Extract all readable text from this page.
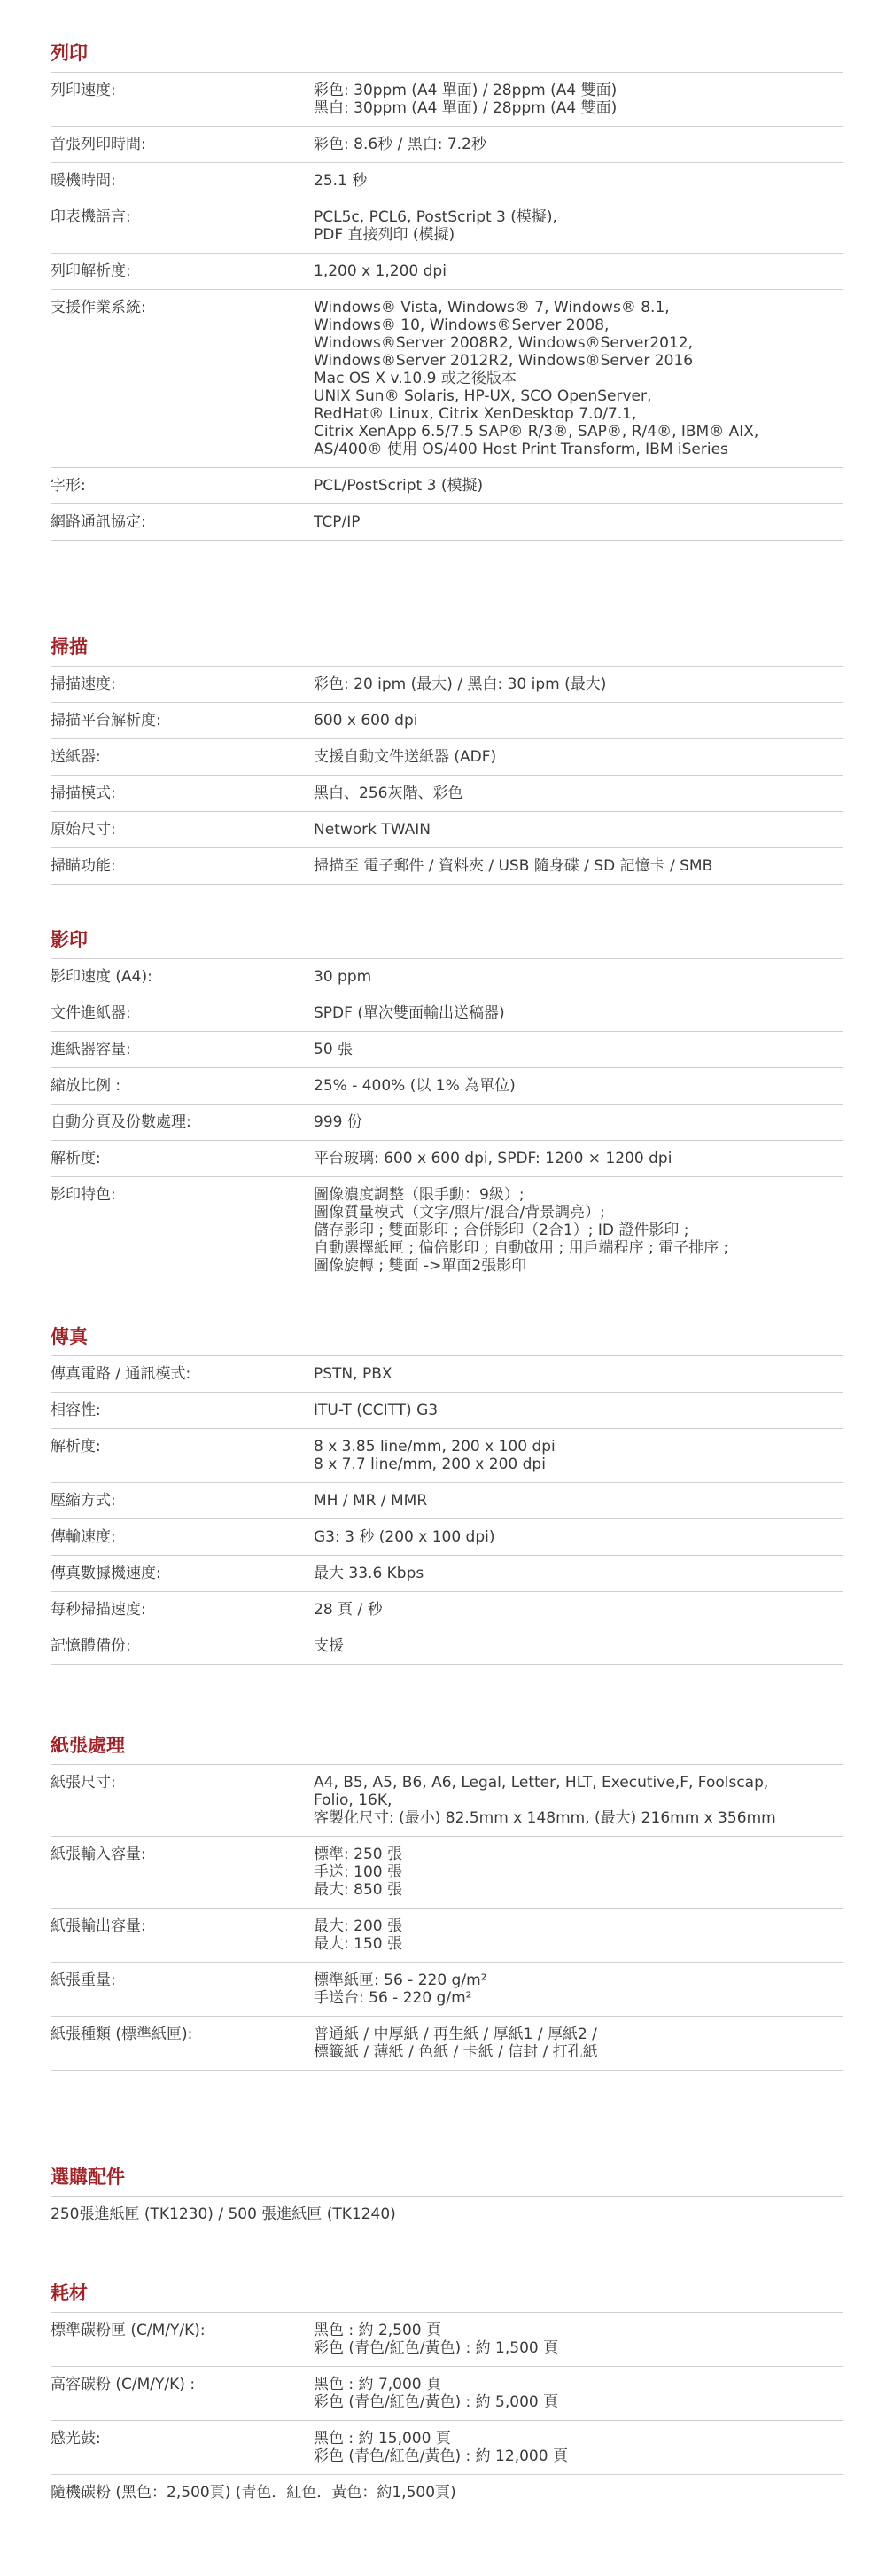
列印
列印速度:	彩色: 30ppm (A4 單面) / 28ppm (A4 雙面)
黑白: 30ppm (A4 單面) / 28ppm (A4 雙面)
首張列印時間:	彩色: 8.6秒 / 黑白: 7.2秒
暖機時間:	25.1 秒
印表機語言:	PCL5c, PCL6, PostScript 3 (模擬),
PDF 直接列印 (模擬)
列印解析度:	1,200 x 1,200 dpi
支援作業系統:	Windows® Vista, Windows® 7, Windows® 8.1,
Windows® 10, Windows®Server 2008,
Windows®Server 2008R2, Windows®Server2012,
Windows®Server 2012R2, Windows®Server 2016
Mac OS X v.10.9 或之後版本
UNIX Sun® Solaris, HP-UX, SCO OpenServer,
RedHat® Linux, Citrix XenDesktop 7.0/7.1,
Citrix XenApp 6.5/7.5 SAP® R/3®, SAP®, R/4®, IBM® AIX,
AS/400® 使用 OS/400 Host Print Transform, IBM iSeries
字形:	PCL/PostScript 3 (模擬)
網路通訊協定:	TCP/IP
掃描
掃描速度:	彩色: 20 ipm (最大) / 黑白: 30 ipm (最大)
掃描平台解析度:	600 x 600 dpi
送紙器:	支援自動文件送紙器 (ADF)
掃描模式:	黑白、256灰階、彩色
原始尺寸:	Network TWAIN
掃瞄功能:	掃描至 電子郵件 / 資料夾 / USB 隨身碟 / SD 記憶卡 / SMB
影印
影印速度 (A4):	30 ppm
文件進紙器:	SPDF (單次雙面輸出送稿器)
進紙器容量:	50 張
縮放比例 :	25% - 400% (以 1% 為單位)
自動分頁及份數處理:	999 份
解析度:	平台玻璃: 600 x 600 dpi, SPDF: 1200 × 1200 dpi
影印特色:	圖像濃度調整（限手動：9級）;
圖像質量模式（文字/照片/混合/背景調亮）;
儲存影印 ; 雙面影印 ; 合併影印（2合1）; ID 證件影印 ;
自動選擇紙匣 ; 偏倍影印 ; 自動啟用 ; 用戶端程序 ; 電子排序 ;
圖像旋轉 ; 雙面 ->單面2張影印
傳真
傳真電路 / 通訊模式:	PSTN, PBX
相容性:	ITU-T (CCITT) G3
解析度:	8 x 3.85 line/mm, 200 x 100 dpi
8 x 7.7 line/mm, 200 x 200 dpi
壓縮方式:	MH / MR / MMR
傳輸速度:	G3: 3 秒 (200 x 100 dpi)
傳真數據機速度:	最大 33.6 Kbps
每秒掃描速度:	28 頁 / 秒
記憶體備份:	支援
紙張處理
紙張尺寸:	A4, B5, A5, B6, A6, Legal, Letter, HLT, Executive,F, Foolscap,
Folio, 16K,
客製化尺寸: (最小) 82.5mm x 148mm, (最大) 216mm x 356mm
紙張輸入容量:	標準: 250 張
手送: 100 張
最大: 850 張
紙張輸出容量:	最大: 200 張
最大: 150 張
紙張重量:	標準紙匣: 56 - 220 g/m²
手送台: 56 - 220 g/m²
紙張種類 (標準紙匣):	普通紙 / 中厚紙 / 再生紙 / 厚紙1 / 厚紙2 /
標籤紙 / 薄紙 / 色紙 / 卡紙 / 信封 / 打孔紙
選購配件
250張進紙匣 (TK1230) / 500 張進紙匣 (TK1240)
耗材
標準碳粉匣 (C/M/Y/K):	黑色 : 約 2,500 頁
彩色 (青色/紅色/黃色) : 約 1,500 頁
高容碳粉 (C/M/Y/K) :	黑色 : 約 7,000 頁
彩色 (青色/紅色/黃色) : 約 5,000 頁
感光鼓:	黑色 : 約 15,000 頁
彩色 (青色/紅色/黃色) : 約 12,000 頁
隨機碳粉 (黑色：2,500頁) (青色．紅色．黃色：約1,500頁)
